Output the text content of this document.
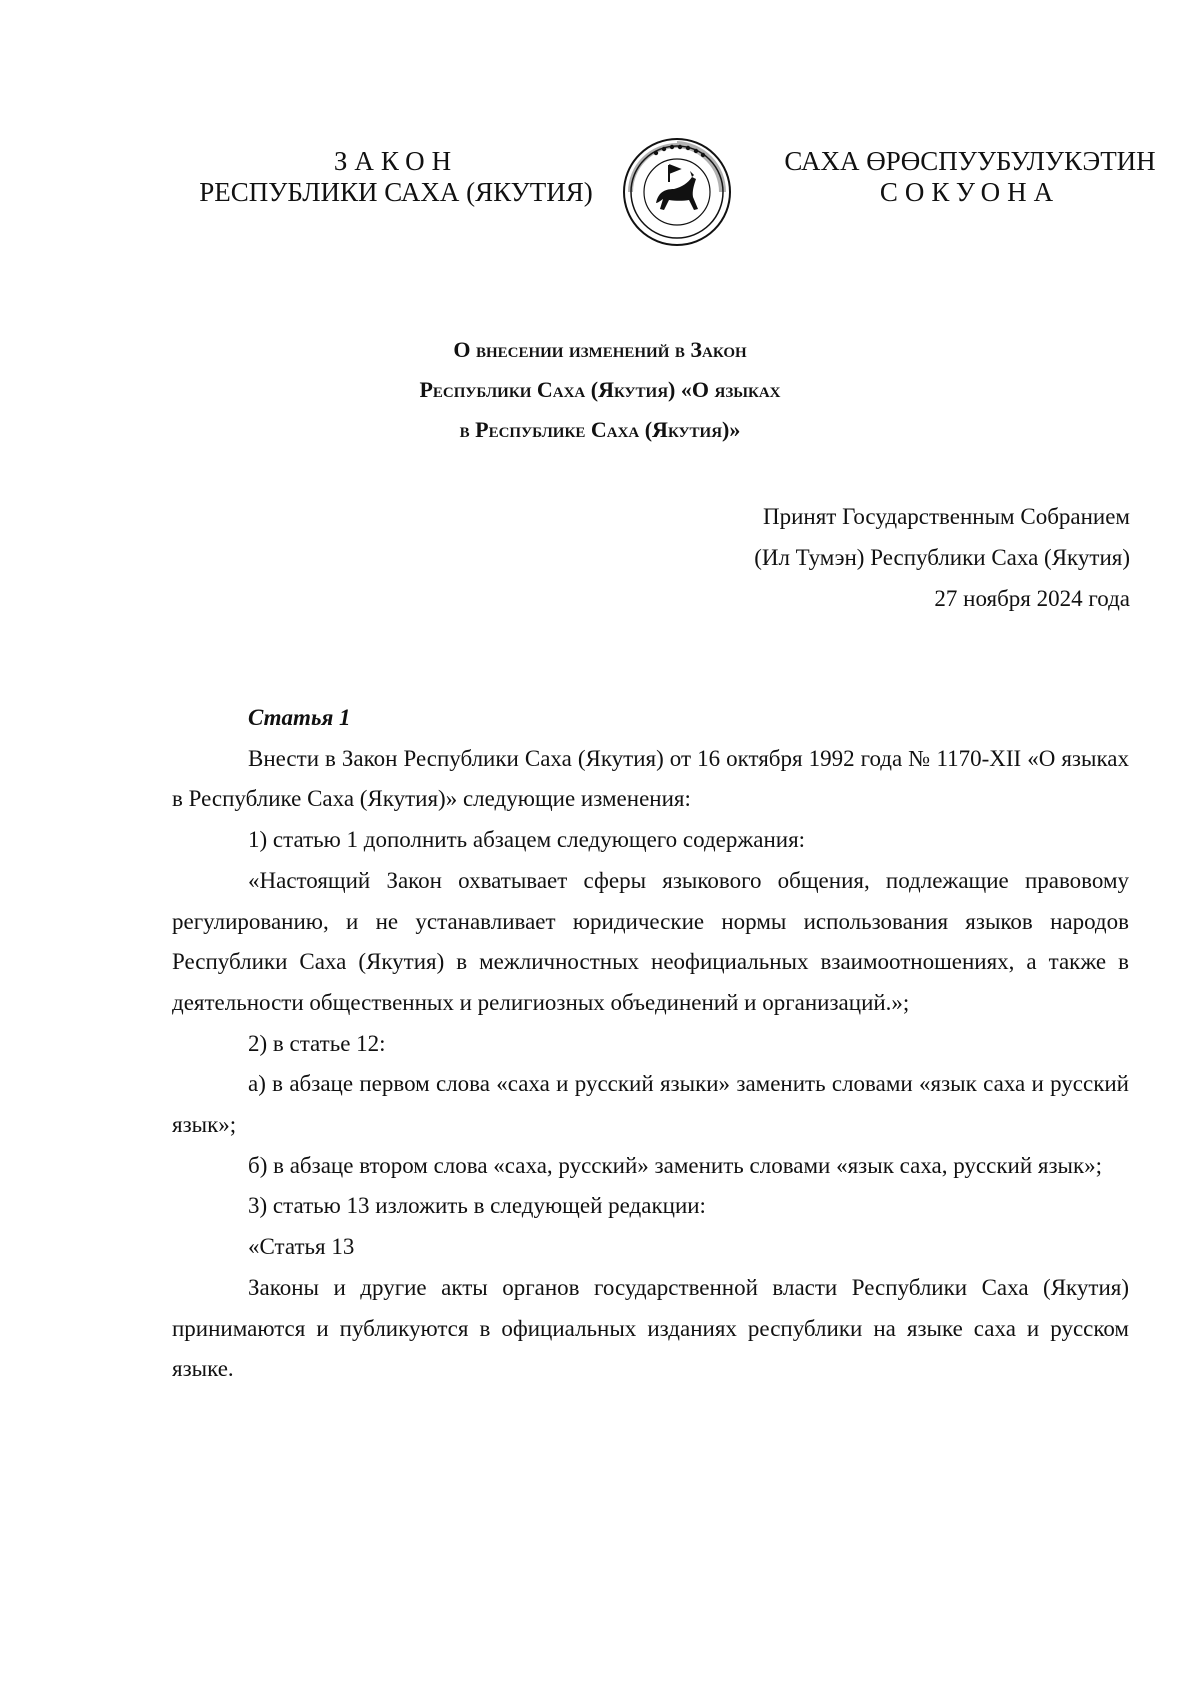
ЗАКОН
РЕСПУБЛИКИ САХА (ЯКУТИЯ)
САХА ӨРӨСПУУБУЛУКЭТИН
СОКУОНА
О внесении изменений в Закон
Республики Саха (Якутия) «О языках
в Республике Саха (Якутия)»
Принят Государственным Собранием
(Ил Тумэн) Республики Саха (Якутия)
27 ноября 2024 года

Статья 1

Внести в Закон Республики Саха (Якутия) от 16 октября 1992 года № 1170-XII «О языках в Республике Саха (Якутия)» следующие изменения:

1) статью 1 дополнить абзацем следующего содержания:

«Настоящий Закон охватывает сферы языкового общения, подлежащие правовому регулированию, и не устанавливает юридические нормы использования языков народов Республики Саха (Якутия) в межличностных неофициальных взаимоотношениях, а также в деятельности общественных и религиозных объединений и организаций.»;

2) в статье 12:

а) в абзаце первом слова «саха и русский языки» заменить словами «язык саха и русский язык»;

б) в абзаце втором слова «саха, русский» заменить словами «язык саха, русский язык»;

3) статью 13 изложить в следующей редакции:

«Статья 13

Законы и другие акты органов государственной власти Республики Саха (Якутия) принимаются и публикуются в официальных изданиях республики на языке саха и русском языке.
